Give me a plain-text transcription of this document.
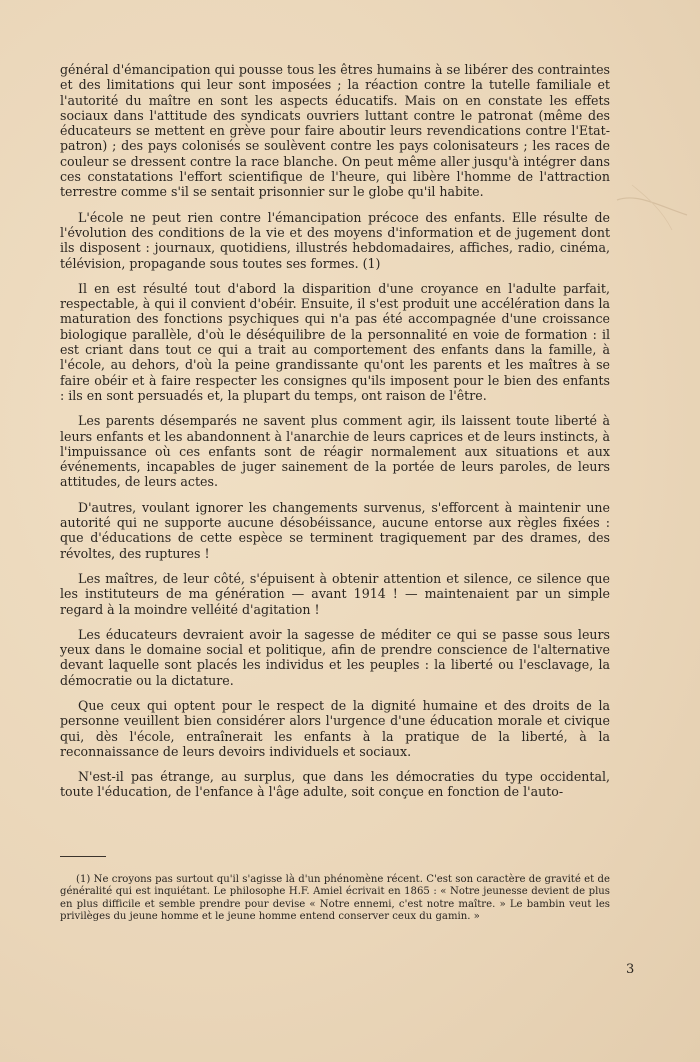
général d'émancipation qui pousse tous les êtres humains à se libérer des contraintes et des limitations qui leur sont imposées ; la réaction contre la tutelle familiale et l'autorité du maître en sont les aspects éducatifs. Mais on en constate les effets sociaux dans l'attitude des syndicats ouvriers luttant contre le patronat (même des éducateurs se mettent en grève pour faire aboutir leurs revendications contre l'Etat-patron) ; des pays colonisés se soulèvent contre les pays colonisateurs ; les races de couleur se dressent contre la race blanche. On peut même aller jusqu'à intégrer dans ces constatations l'effort scientifique de l'heure, qui libère l'homme de l'attraction terrestre comme s'il se sentait prisonnier sur le globe qu'il habite.

L'école ne peut rien contre l'émancipation précoce des enfants. Elle résulte de l'évolution des conditions de la vie et des moyens d'information et de jugement dont ils disposent : journaux, quotidiens, illustrés hebdomadaires, affiches, radio, cinéma, télévision, propagande sous toutes ses formes. (1)

Il en est résulté tout d'abord la disparition d'une croyance en l'adulte parfait, respectable, à qui il convient d'obéir. Ensuite, il s'est produit une accélération dans la maturation des fonctions psychiques qui n'a pas été accompagnée d'une croissance biologique parallèle, d'où le déséquilibre de la personnalité en voie de formation : il est criant dans tout ce qui a trait au comportement des enfants dans la famille, à l'école, au dehors, d'où la peine grandissante qu'ont les parents et les maîtres à se faire obéir et à faire respecter les consignes qu'ils imposent pour le bien des enfants : ils en sont persuadés et, la plupart du temps, ont raison de l'être.

Les parents désemparés ne savent plus comment agir, ils laissent toute liberté à leurs enfants et les abandonnent à l'anarchie de leurs caprices et de leurs instincts, à l'impuissance où ces enfants sont de réagir normalement aux situations et aux événements, incapables de juger sainement de la portée de leurs paroles, de leurs attitudes, de leurs actes.

D'autres, voulant ignorer les changements survenus, s'efforcent à maintenir une autorité qui ne supporte aucune désobéissance, aucune entorse aux règles fixées : que d'éducations de cette espèce se terminent tragiquement par des drames, des révoltes, des ruptures !

Les maîtres, de leur côté, s'épuisent à obtenir attention et silence, ce silence que les instituteurs de ma génération — avant 1914 ! — maintenaient par un simple regard à la moindre velléité d'agitation !

Les éducateurs devraient avoir la sagesse de méditer ce qui se passe sous leurs yeux dans le domaine social et politique, afin de prendre conscience de l'alternative devant laquelle sont placés les individus et les peuples : la liberté ou l'esclavage, la démocratie ou la dictature.

Que ceux qui optent pour le respect de la dignité humaine et des droits de la personne veuillent bien considérer alors l'urgence d'une éducation morale et civique qui, dès l'école, entraînerait les enfants à la pratique de la liberté, à la reconnaissance de leurs devoirs individuels et sociaux.

N'est-il pas étrange, au surplus, que dans les démocraties du type occidental, toute l'éducation, de l'enfance à l'âge adulte, soit conçue en fonction de l'auto-

(1) Ne croyons pas surtout qu'il s'agisse là d'un phénomène récent. C'est son caractère de gravité et de généralité qui est inquiétant. Le philosophe H.F. Amiel écrivait en 1865 : « Notre jeunesse devient de plus en plus difficile et semble prendre pour devise « Notre ennemi, c'est notre maître. » Le bambin veut les privilèges du jeune homme et le jeune homme entend conserver ceux du gamin. »

3
